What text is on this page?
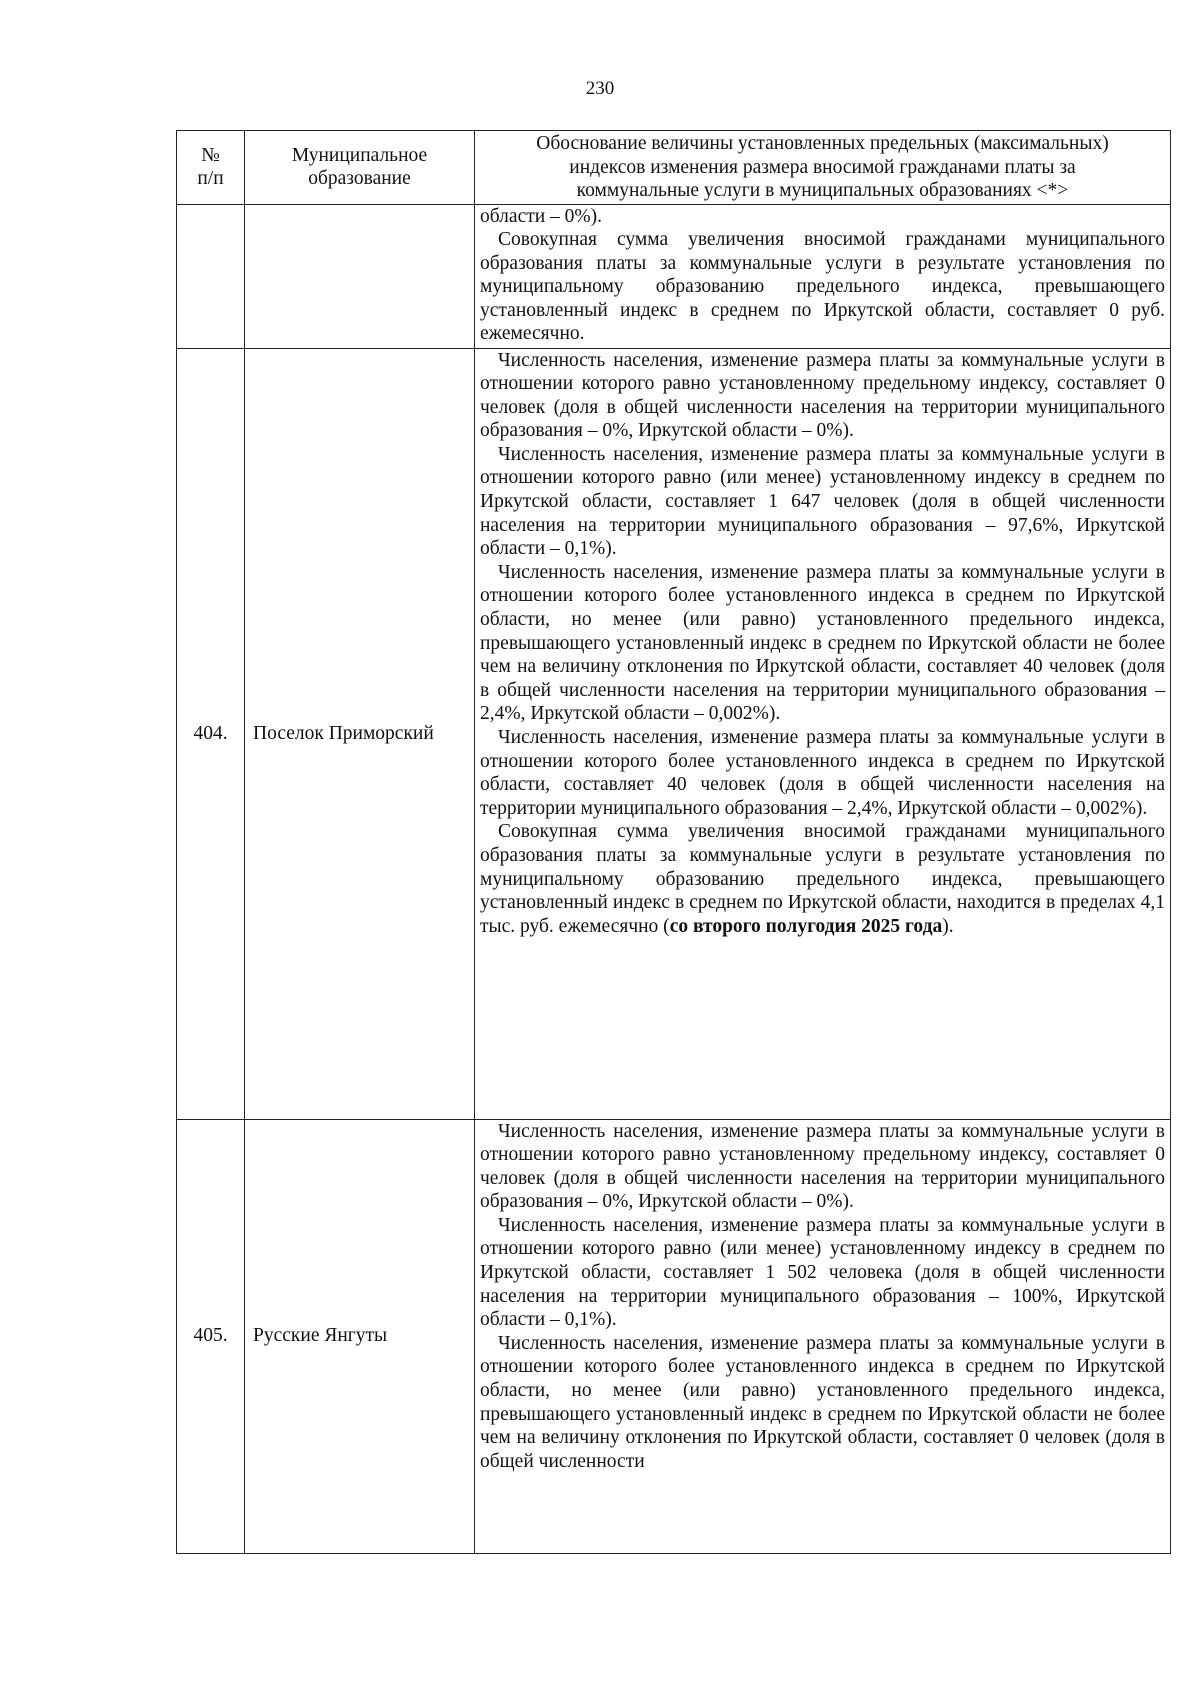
230
№ п/п	Муниципальное образование	Обоснование величины установленных предельных (максимальных) индексов изменения размера вносимой гражданами платы за коммунальные услуги в муниципальных образованиях <*>

		области – 0%).

Совокупная сумма увеличения вносимой гражданами муниципального образования платы за коммунальные услуги в результате установления по муниципальному образованию предельного индекса, превышающего установленный индекс в среднем по Иркутской области, составляет 0 руб. ежемесячно.

404.	Поселок Приморский	Численность населения, изменение размера платы за коммунальные услуги в отношении которого равно установленному предельному индексу, составляет 0 человек (доля в общей численности населения на территории муниципального образования – 0%, Иркутской области – 0%).

Численность населения, изменение размера платы за коммунальные услуги в отношении которого равно (или менее) установленному индексу в среднем по Иркутской области, составляет 1 647 человек (доля в общей численности населения на территории муниципального образования – 97,6%, Иркутской области – 0,1%).

Численность населения, изменение размера платы за коммунальные услуги в отношении которого более установленного индекса в среднем по Иркутской области, но менее (или равно) установленного предельного индекса, превышающего установленный индекс в среднем по Иркутской области не более чем на величину отклонения по Иркутской области, составляет 40 человек (доля в общей численности населения на территории муниципального образования – 2,4%, Иркутской области – 0,002%).

Численность населения, изменение размера платы за коммунальные услуги в отношении которого более установленного индекса в среднем по Иркутской области, составляет 40 человек (доля в общей численности населения на территории муниципального образования – 2,4%, Иркутской области – 0,002%).

Совокупная сумма увеличения вносимой гражданами муниципального образования платы за коммунальные услуги в результате установления по муниципальному образованию предельного индекса, превышающего установленный индекс в среднем по Иркутской области, находится в пределах 4,1 тыс. руб. ежемесячно (со второго полугодия 2025 года).

405.	Русские Янгуты	Численность населения, изменение размера платы за коммунальные услуги в отношении которого равно установленному предельному индексу, составляет 0 человек (доля в общей численности населения на территории муниципального образования – 0%, Иркутской области – 0%).

Численность населения, изменение размера платы за коммунальные услуги в отношении которого равно (или менее) установленному индексу в среднем по Иркутской области, составляет 1 502 человека (доля в общей численности населения на территории муниципального образования – 100%, Иркутской области – 0,1%).

Численность населения, изменение размера платы за коммунальные услуги в отношении которого более установленного индекса в среднем по Иркутской области, но менее (или равно) установленного предельного индекса, превышающего установленный индекс в среднем по Иркутской области не более чем на величину отклонения по Иркутской области, составляет 0 человек (доля в общей численности
